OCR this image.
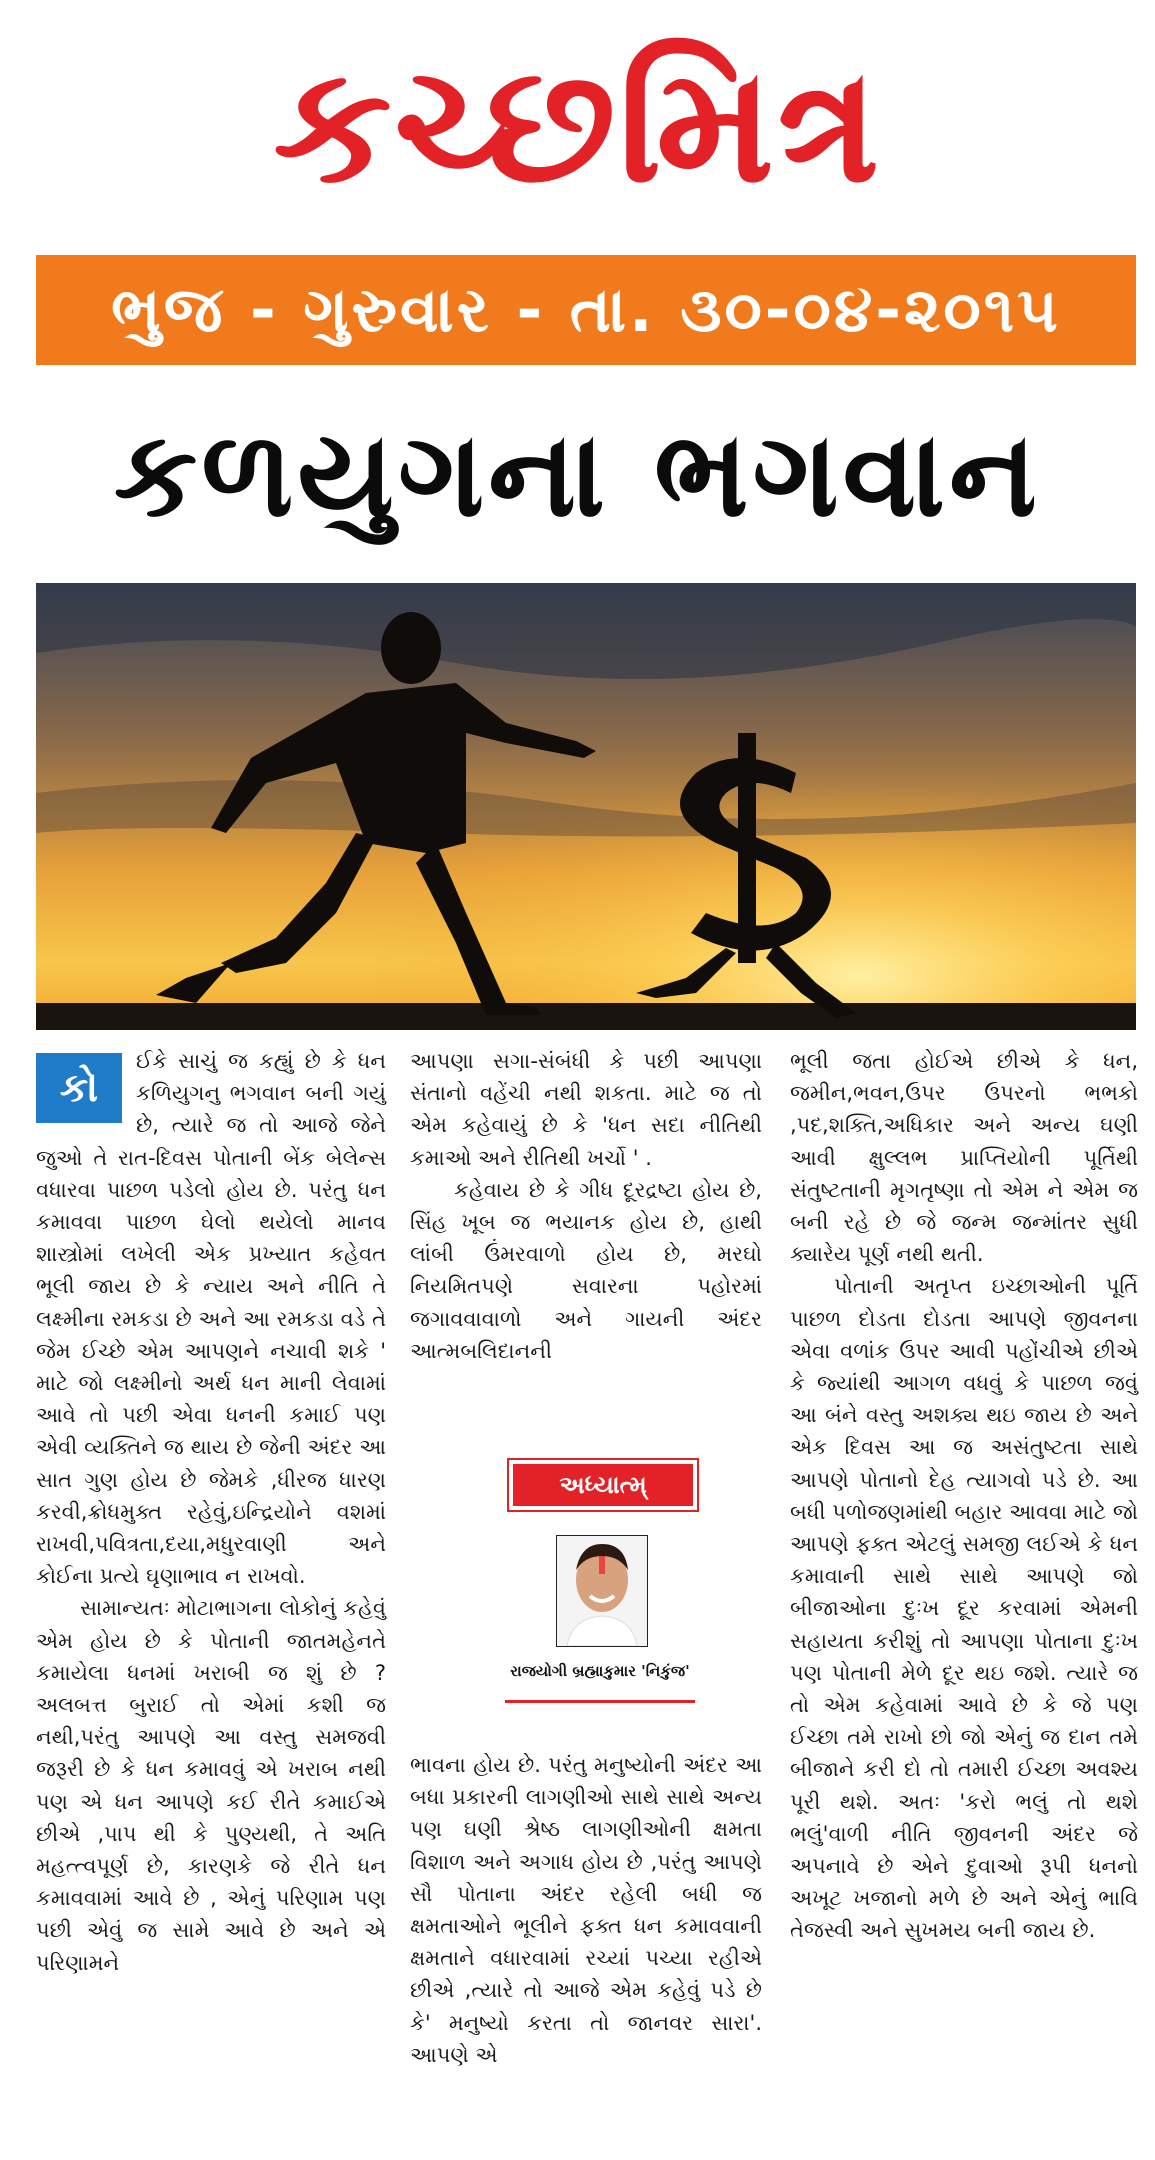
કચ્છમિત્ર
ભુજ - ગુરુવાર - તા. ૩૦-૦૪-૨૦૧૫
કળયુગના ભગવાન
કો

ઈકે સાચું જ કહ્યું છે કે ધન કળિયુગનુ ભગવાન બની ગયું છે, ત્યારે જ તો આજે જેને જુઓ તે રાત-દિવસ પોતાની બેંક બેલેન્સ વધારવા પાછળ પડેલો હોય છે. પરંતુ ધન કમાવવા પાછળ ઘેલો થયેલો માનવ શાસ્ત્રોમાં લખેલી એક પ્રખ્યાત કહેવત ભૂલી જાય છે કે ન્યાય અને નીતિ તે લક્ષ્મીના રમકડા છે અને આ રમકડા વડે તે જેમ ઈચ્છે એમ આપણને નચાવી શકે ' માટે જો લક્ષ્મીનો અર્થ ધન માની લેવામાં આવે તો પછી એવા ધનની કમાઈ પણ એવી વ્યક્તિને જ થાય છે જેની અંદર આ સાત ગુણ હોય છે જેમકે ,ધીરજ ધારણ કરવી,ક્રોધમુક્ત રહેવું,ઇન્દ્રિયોને વશમાં રાખવી,પવિત્રતા,દયા,મધુરવાણી અને કોઈના પ્રત્યે ઘૃણાભાવ ન રાખવો.

સામાન્યતઃ મોટાભાગના લોકોનું કહેવું એમ હોય છે કે પોતાની જાતમહેનતે કમાયેલા ધનમાં ખરાબી જ શું છે ? અલબત્ત બુરાઈ તો એમાં કશી જ નથી,પરંતુ આપણે આ વસ્તુ સમજવી જરૂરી છે કે ધન કમાવવું એ ખરાબ નથી પણ એ ધન આપણે કઈ રીતે કમાઈએ છીએ ,પાપ થી કે પુણ્યથી, તે અતિ મહત્ત્વપૂર્ણ છે, કારણકે જે રીતે ધન કમાવવામાં આવે છે , એનું પરિણામ પણ પછી એવું જ સામે આવે છે અને એ પરિણામને

આપણા સગા-સંબંધી કે પછી આપણા સંતાનો વહેંચી નથી શકતા. માટે જ તો એમ કહેવાયું છે કે 'ધન સદા નીતિથી કમાઓ અને રીતિથી ખર્ચો ' .

કહેવાય છે કે ગીધ દૂરદ્રષ્ટા હોય છે, સિંહ ખૂબ જ ભયાનક હોય છે, હાથી લાંબી ઉંમરવાળો હોય છે, મરઘો નિયમિતપણે સવારના પહોરમાં જગાવવાવાળો અને ગાયની અંદર આત્મબલિદાનની

અધ્યાત્મ્
રાજયોગી બ્રહ્માકુમાર 'નિકુંજ'

ભાવના હોય છે. પરંતુ મનુષ્યોની અંદર આ બધા પ્રકારની લાગણીઓ સાથે સાથે અન્ય પણ ઘણી શ્રેષ્ઠ લાગણીઓની ક્ષમતા વિશાળ અને અગાધ હોય છે ,પરંતુ આપણે સૌ પોતાના અંદર રહેલી બધી જ ક્ષમતાઓને ભૂલીને ફક્ત ધન કમાવવાની ક્ષમતાને વધારવામાં રચ્યાં પચ્યા રહીએ છીએ ,ત્યારે તો આજે એમ કહેવું પડે છે કે' મનુષ્યો કરતા તો જાનવર સારા'. આપણે એ

ભૂલી જતા હોઈએ છીએ કે ધન, જમીન,ભવન,ઉપર ઉપરનો ભભકો ,પદ,શક્તિ,અધિકાર અને અન્ય ઘણી આવી ક્ષુલ્લભ પ્રાપ્તિયોની પૂર્તિથી સંતુષ્ટતાની મૃગતૃષ્ણા તો એમ ને એમ જ બની રહે છે જે જન્મ જન્માંતર સુધી ક્યારેય પૂર્ણ નથી થતી.

પોતાની અતૃપ્ત ઇચ્છાઓની પૂર્તિ પાછળ દોડતા દોડતા આપણે જીવનના એવા વળાંક ઉપર આવી પહોંચીએ છીએ કે જ્યાંથી આગળ વધવું કે પાછળ જવું આ બંને વસ્તુ અશક્ય થઇ જાય છે અને એક દિવસ આ જ અસંતુષ્ટતા સાથે આપણે પોતાનો દેહ ત્યાગવો પડે છે. આ બધી પળોજણમાંથી બહાર આવવા માટે જો આપણે ફક્ત એટલું સમજી લઈએ કે ધન કમાવાની સાથે સાથે આપણે જો બીજાઓના દુઃખ દૂર કરવામાં એમની સહાયતા કરીશું તો આપણા પોતાના દુઃખ પણ પોતાની મેળે દૂર થઇ જશે. ત્યારે જ તો એમ કહેવામાં આવે છે કે જે પણ ઈચ્છા તમે રાખો છો જો એનું જ દાન તમે બીજાને કરી દો તો તમારી ઈચ્છા અવશ્ય પૂરી થશે. અતઃ 'કરો ભલું તો થશે ભલું'વાળી નીતિ જીવનની અંદર જે અપનાવે છે એને દુવાઓ રૂપી ધનનો અખૂટ ખજાનો મળે છે અને એનું ભાવિ તેજસ્વી અને સુખમય બની જાય છે.
